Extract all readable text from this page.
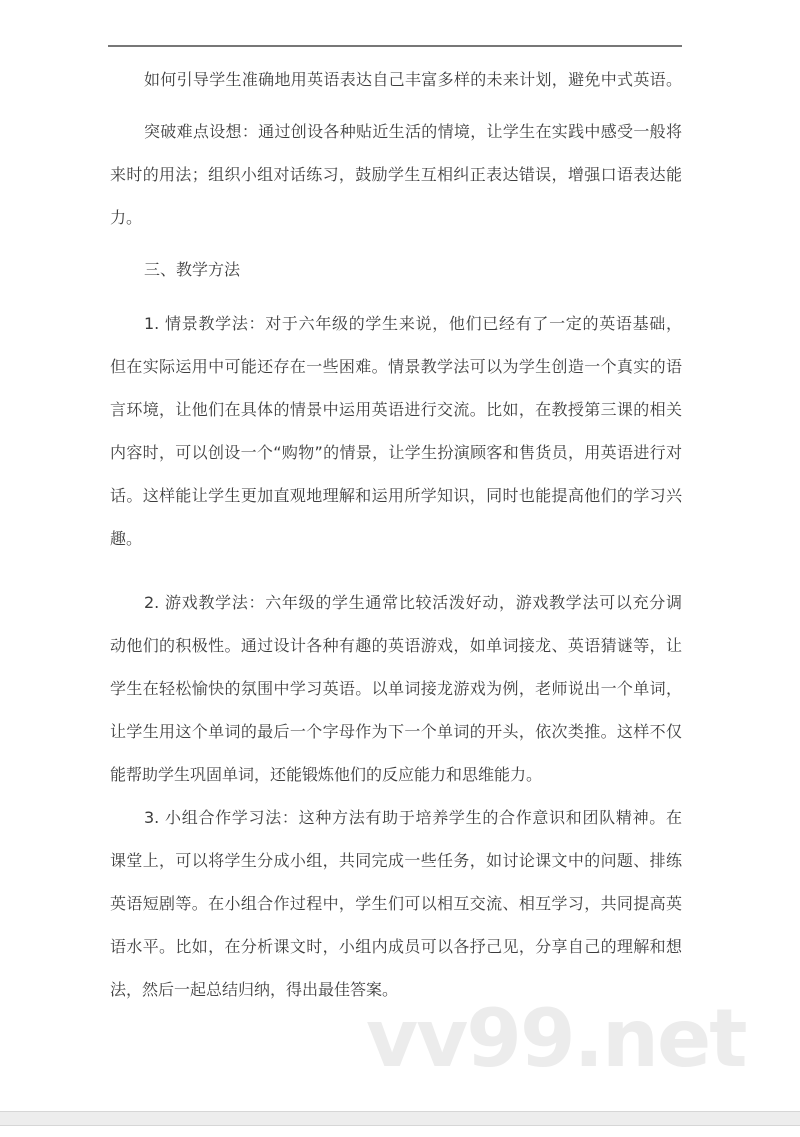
如何引导学生准确地用英语表达自己丰富多样的未来计划，避免中式英语。
突破难点设想：通过创设各种贴近生活的情境，让学生在实践中感受一般将
来时的用法；组织小组对话练习，鼓励学生互相纠正表达错误，增强口语表达能
力。
三、教学方法
1. 情景教学法：对于六年级的学生来说，他们已经有了一定的英语基础，
但在实际运用中可能还存在一些困难。情景教学法可以为学生创造一个真实的语
言环境，让他们在具体的情景中运用英语进行交流。比如，在教授第三课的相关
内容时，可以创设一个“购物”的情景，让学生扮演顾客和售货员，用英语进行对
话。这样能让学生更加直观地理解和运用所学知识，同时也能提高他们的学习兴
趣。
2. 游戏教学法：六年级的学生通常比较活泼好动，游戏教学法可以充分调
动他们的积极性。通过设计各种有趣的英语游戏，如单词接龙、英语猜谜等，让
学生在轻松愉快的氛围中学习英语。以单词接龙游戏为例，老师说出一个单词，
让学生用这个单词的最后一个字母作为下一个单词的开头，依次类推。这样不仅
能帮助学生巩固单词，还能锻炼他们的反应能力和思维能力。
3. 小组合作学习法：这种方法有助于培养学生的合作意识和团队精神。在
课堂上，可以将学生分成小组，共同完成一些任务，如讨论课文中的问题、排练
英语短剧等。在小组合作过程中，学生们可以相互交流、相互学习，共同提高英
语水平。比如，在分析课文时，小组内成员可以各抒己见，分享自己的理解和想
法，然后一起总结归纳，得出最佳答案。
vv99.net
